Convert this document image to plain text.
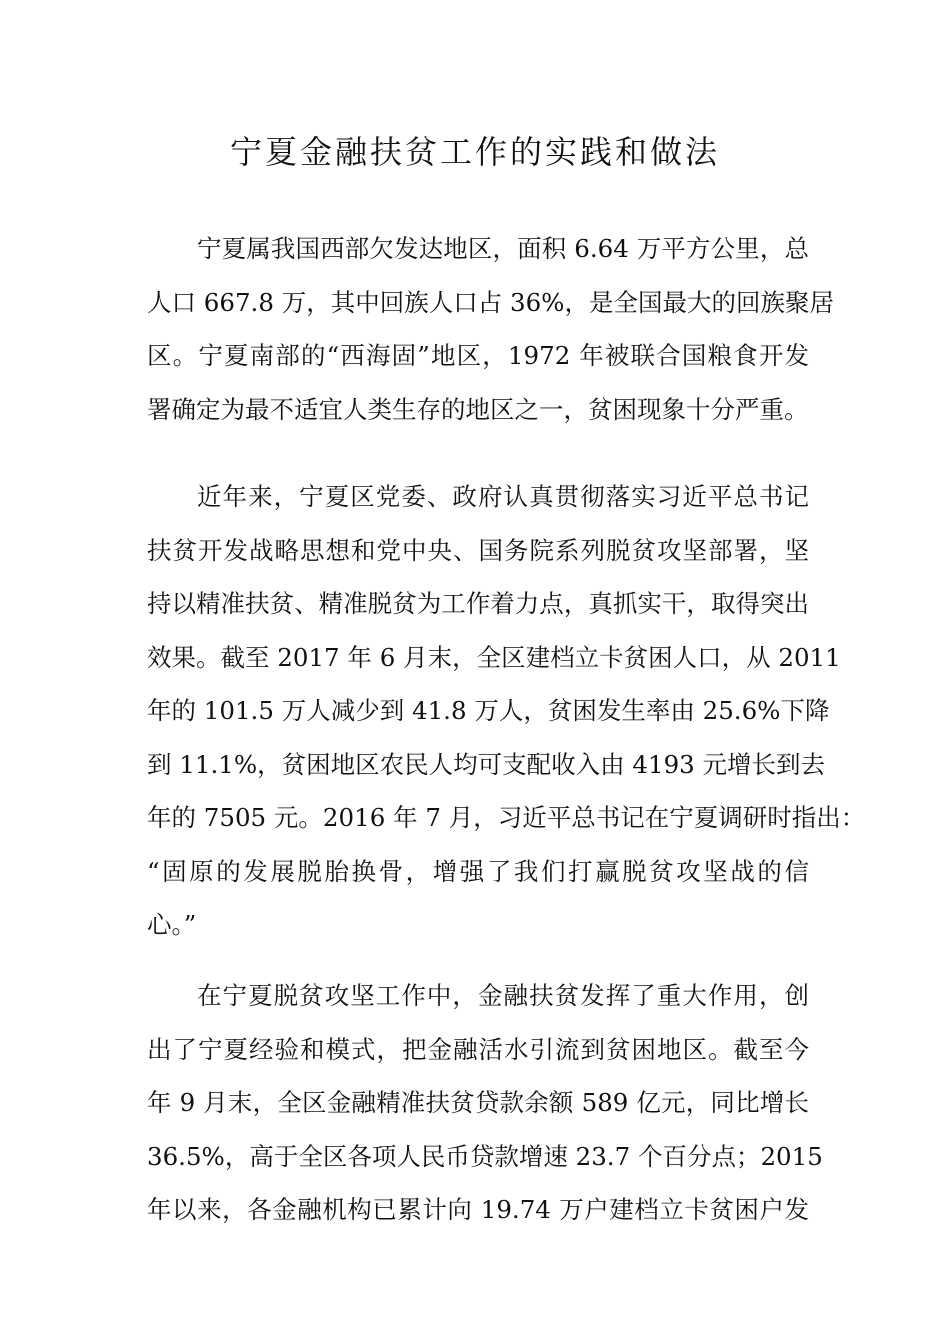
宁夏金融扶贫工作的实践和做法
宁夏属我国西部欠发达地区，面积 6.64 万平方公里，总
人口 667.8 万，其中回族人口占 36%，是全国最大的回族聚居
区。宁夏南部的“西海固”地区，1972 年被联合国粮食开发
署确定为最不适宜人类生存的地区之一，贫困现象十分严重。
近年来，宁夏区党委、政府认真贯彻落实习近平总书记
扶贫开发战略思想和党中央、国务院系列脱贫攻坚部署，坚
持以精准扶贫、精准脱贫为工作着力点，真抓实干，取得突出
效果。截至 2017 年 6 月末，全区建档立卡贫困人口，从 2011
年的 101.5 万人减少到 41.8 万人，贫困发生率由 25.6%下降
到 11.1%，贫困地区农民人均可支配收入由 4193 元增长到去
年的 7505 元。2016 年 7 月，习近平总书记在宁夏调研时指出：
“固原的发展脱胎换骨，增强了我们打赢脱贫攻坚战的信
心。”
在宁夏脱贫攻坚工作中，金融扶贫发挥了重大作用，创
出了宁夏经验和模式，把金融活水引流到贫困地区。截至今
年 9 月末，全区金融精准扶贫贷款余额 589 亿元，同比增长
36.5%，高于全区各项人民币贷款增速 23.7 个百分点；2015
年以来，各金融机构已累计向 19.74 万户建档立卡贫困户发
